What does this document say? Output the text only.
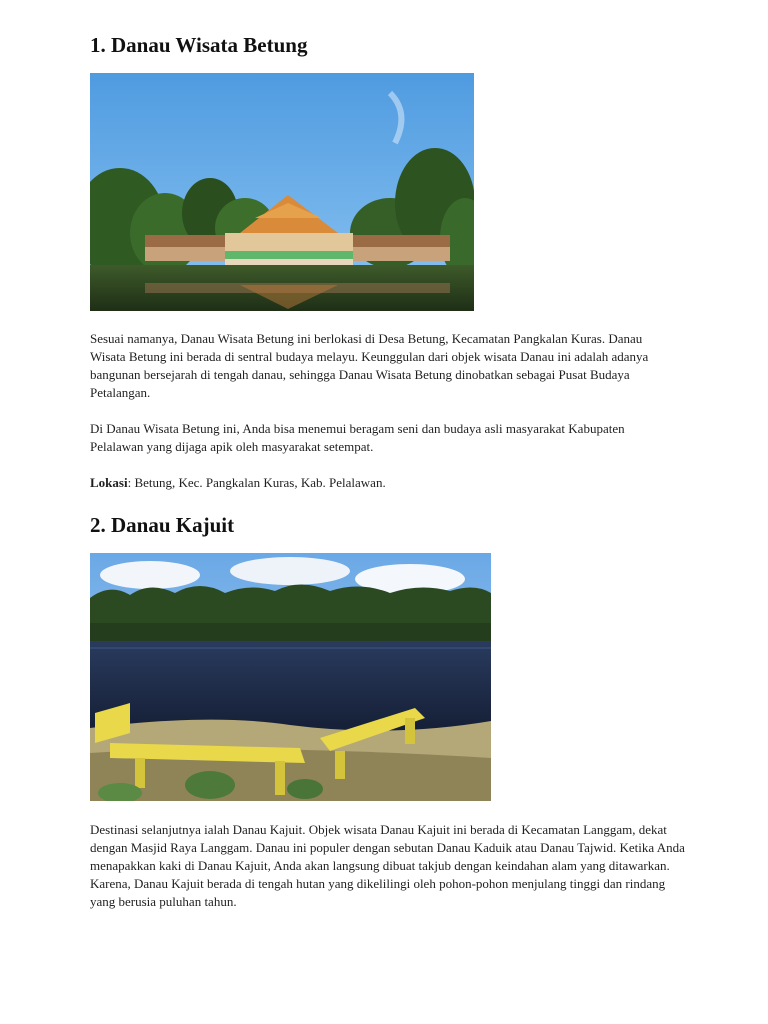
1. Danau Wisata Betung

Sesuai namanya, Danau Wisata Betung ini berlokasi di Desa Betung, Kecamatan Pangkalan Kuras. Danau Wisata Betung ini berada di sentral budaya melayu. Keunggulan dari objek wisata Danau ini adalah adanya bangunan bersejarah di tengah danau, sehingga Danau Wisata Betung dinobatkan sebagai Pusat Budaya Petalangan.

Di Danau Wisata Betung ini, Anda bisa menemui beragam seni dan budaya asli masyarakat Kabupaten Pelalawan yang dijaga apik oleh masyarakat setempat.

Lokasi: Betung, Kec. Pangkalan Kuras, Kab. Pelalawan.

2. Danau Kajuit

Destinasi selanjutnya ialah Danau Kajuit. Objek wisata Danau Kajuit ini berada di Kecamatan Langgam, dekat dengan Masjid Raya Langgam. Danau ini populer dengan sebutan Danau Kaduik atau Danau Tajwid. Ketika Anda menapakkan kaki di Danau Kajuit, Anda akan langsung dibuat takjub dengan keindahan alam yang ditawarkan. Karena, Danau Kajuit berada di tengah hutan yang dikelilingi oleh pohon-pohon menjulang tinggi dan rindang yang berusia puluhan tahun.
